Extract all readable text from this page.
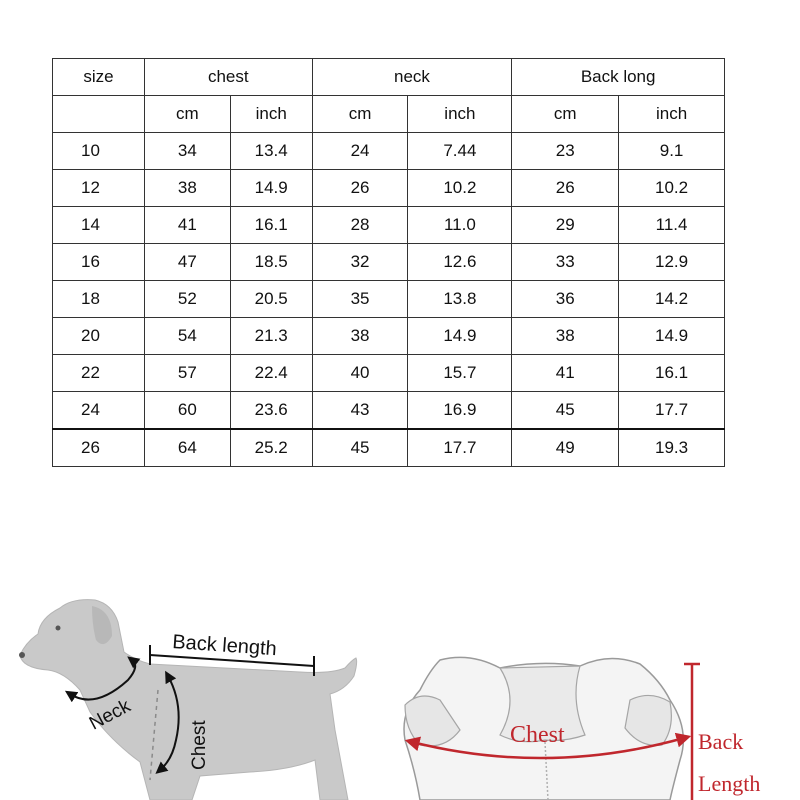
size	chest		neck		Back long	
	cm	inch	cm	inch	cm	inch
10	34	13.4	24	7.44	23	9.1
12	38	14.9	26	10.2	26	10.2
14	41	16.1	28	11.0	29	11.4
16	47	18.5	32	12.6	33	12.9
18	52	20.5	35	13.8	36	14.2
20	54	21.3	38	14.9	38	14.9
22	57	22.4	40	15.7	41	16.1
24	60	23.6	43	16.9	45	17.7
26	64	25.2	45	17.7	49	19.3
Back length
Neck
Chest	Chest	Back
Length
